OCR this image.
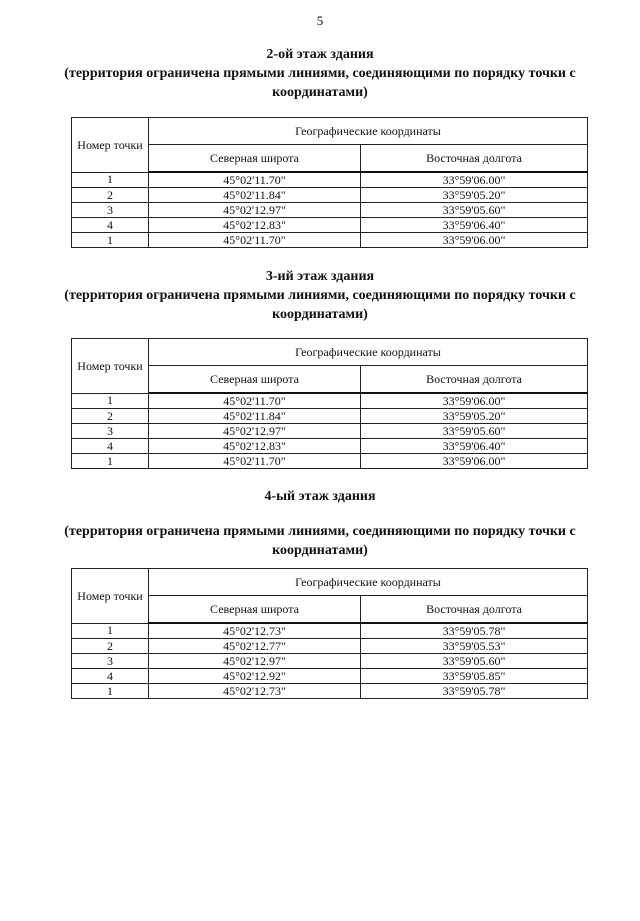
5
2-ой этаж здания
(территория ограничена прямыми линиями, соединяющими по порядку точки с координатами)
Номер точки	Географические координаты	
	Северная широта	Восточная долгота
1	45°02'11.70"	33°59'06.00"
2	45°02'11.84"	33°59'05.20"
3	45°02'12.97"	33°59'05.60"
4	45°02'12.83"	33°59'06.40"
1	45°02'11.70"	33°59'06.00"
3-ий этаж здания
(территория ограничена прямыми линиями, соединяющими по порядку точки с координатами)
Номер точки	Географические координаты	
	Северная широта	Восточная долгота
1	45°02'11.70"	33°59'06.00"
2	45°02'11.84"	33°59'05.20"
3	45°02'12.97"	33°59'05.60"
4	45°02'12.83"	33°59'06.40"
1	45°02'11.70"	33°59'06.00"
4-ый этаж здания
(территория ограничена прямыми линиями, соединяющими по порядку точки с координатами)
Номер точки	Географические координаты	
	Северная широта	Восточная долгота
1	45°02'12.73"	33°59'05.78"
2	45°02'12.77"	33°59'05.53"
3	45°02'12.97"	33°59'05.60"
4	45°02'12.92"	33°59'05.85"
1	45°02'12.73"	33°59'05.78"
